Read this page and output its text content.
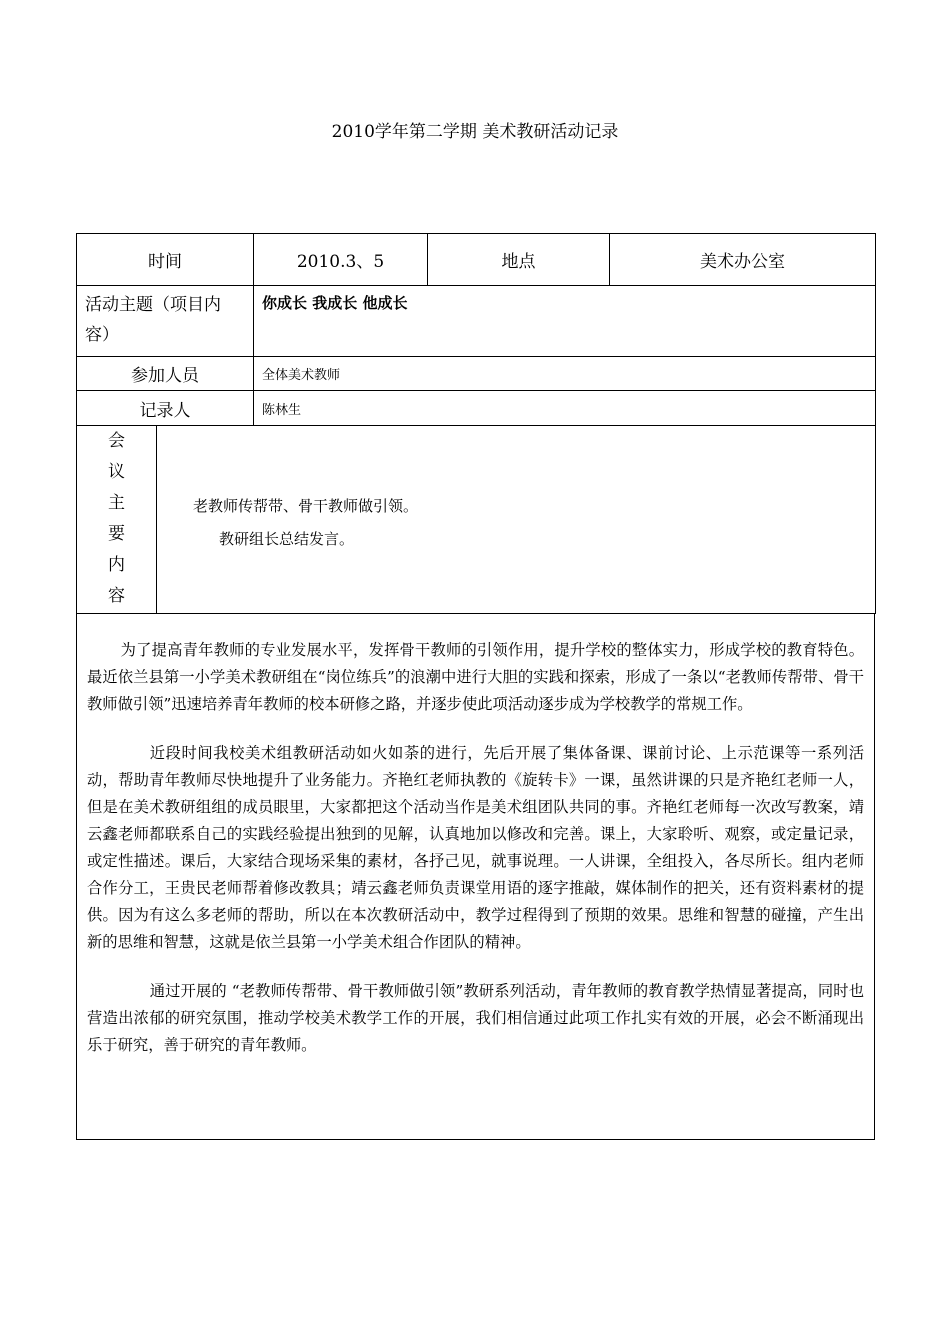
2010学年第二学期 美术教研活动记录
时间	2010.3、5	地点	美术办公室
活动主题（项目内容）	你成长 我成长 他成长		
参加人员	全体美术教师		
记录人	陈林生		
会
议
主
要
内
容

老教师传帮带、骨干教师做引领。

教研组长总结发言。

为了提高青年教师的专业发展水平，发挥骨干教师的引领作用，提升学校的整体实力，形成学校的教育特色。最近依兰县第一小学美术教研组在“岗位练兵”的浪潮中进行大胆的实践和探索，形成了一条以“老教师传帮带、骨干教师做引领”迅速培养青年教师的校本研修之路，并逐步使此项活动逐步成为学校教学的常规工作。

近段时间我校美术组教研活动如火如荼的进行，先后开展了集体备课、课前讨论、上示范课等一系列活动，帮助青年教师尽快地提升了业务能力。齐艳红老师执教的《旋转卡》一课，虽然讲课的只是齐艳红老师一人，但是在美术教研组组的成员眼里，大家都把这个活动当作是美术组团队共同的事。齐艳红老师每一次改写教案，靖云鑫老师都联系自己的实践经验提出独到的见解，认真地加以修改和完善。课上，大家聆听、观察，或定量记录，或定性描述。课后，大家结合现场采集的素材，各抒己见，就事说理。一人讲课，全组投入，各尽所长。组内老师合作分工，王贵民老师帮着修改教具；靖云鑫老师负责课堂用语的逐字推敲，媒体制作的把关，还有资料素材的提供。因为有这么多老师的帮助，所以在本次教研活动中，教学过程得到了预期的效果。思维和智慧的碰撞，产生出新的思维和智慧，这就是依兰县第一小学美术组合作团队的精神。

通过开展的 “老教师传帮带、骨干教师做引领”教研系列活动，青年教师的教育教学热情显著提高，同时也营造出浓郁的研究氛围，推动学校美术教学工作的开展，我们相信通过此项工作扎实有效的开展，必会不断涌现出乐于研究，善于研究的青年教师。
